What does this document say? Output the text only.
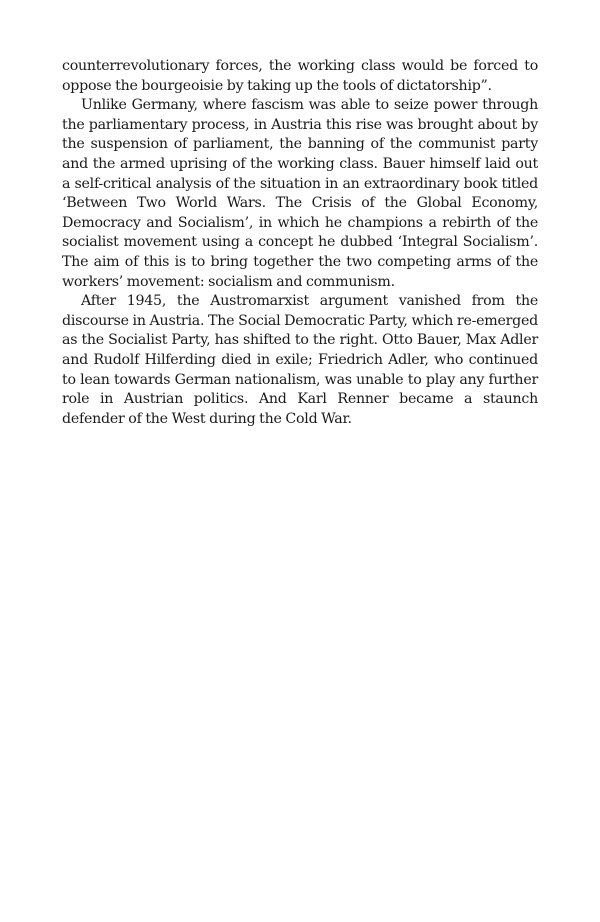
counterrevolutionary forces, the working class would be forced to oppose the bourgeoisie by taking up the tools of dictatorship”.

Unlike Germany, where fascism was able to seize power through the parliamentary process, in Austria this rise was brought about by the suspension of parliament, the banning of the communist party and the armed uprising of the working class. Bauer himself laid out a self-critical analysis of the situation in an extraordinary book titled ‘Between Two World Wars. The Crisis of the Global Economy, Democracy and Socialism’, in which he champions a rebirth of the socialist movement using a concept he dubbed ‘Integral Socialism’. The aim of this is to bring together the two competing arms of the workers’ movement: socialism and communism.

After 1945, the Austromarxist argument vanished from the discourse in Austria. The Social Democratic Party, which re-emerged as the Socialist Party, has shifted to the right. Otto Bauer, Max Adler and Rudolf Hilferding died in exile; Friedrich Adler, who continued to lean towards German nationalism, was unable to play any further role in Austrian politics. And Karl Renner became a staunch defender of the West during the Cold War.
